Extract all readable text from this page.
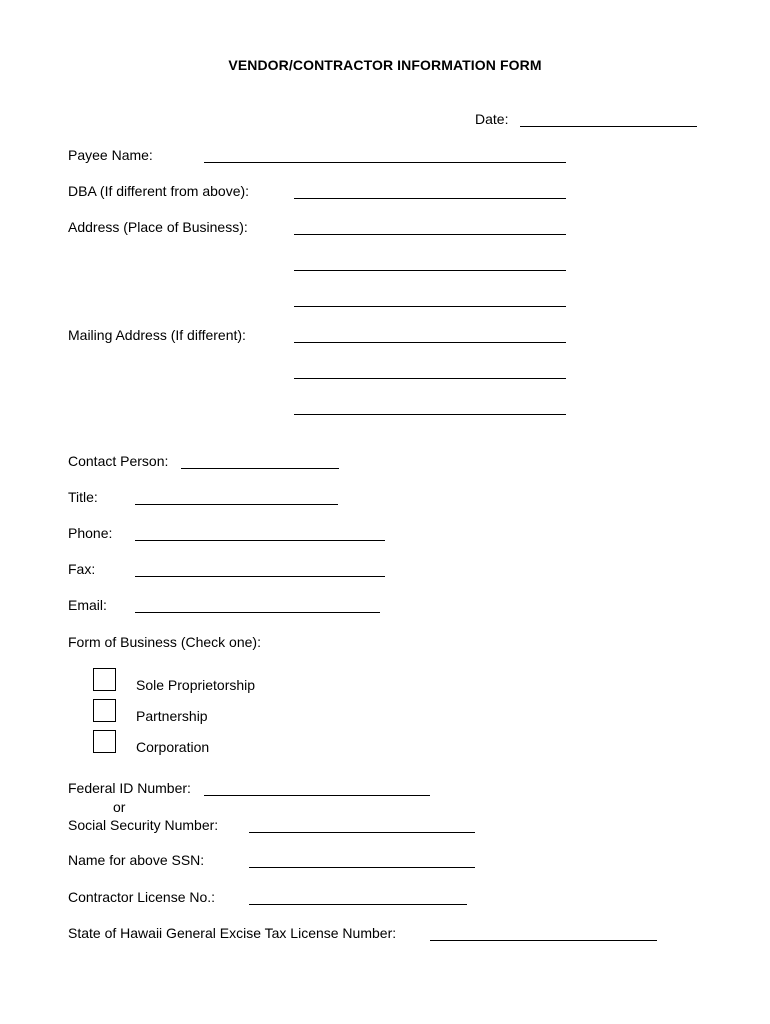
VENDOR/CONTRACTOR INFORMATION FORM
Date:
Payee Name:
DBA (If different from above):
Address (Place of Business):
Mailing Address (If different):
Contact Person:
Title:
Phone:
Fax:
Email:
Form of Business (Check one):
Sole Proprietorship
Partnership
Corporation
Federal ID Number:
or
Social Security Number:
Name for above SSN:
Contractor License No.:
State of Hawaii General Excise Tax License Number:
